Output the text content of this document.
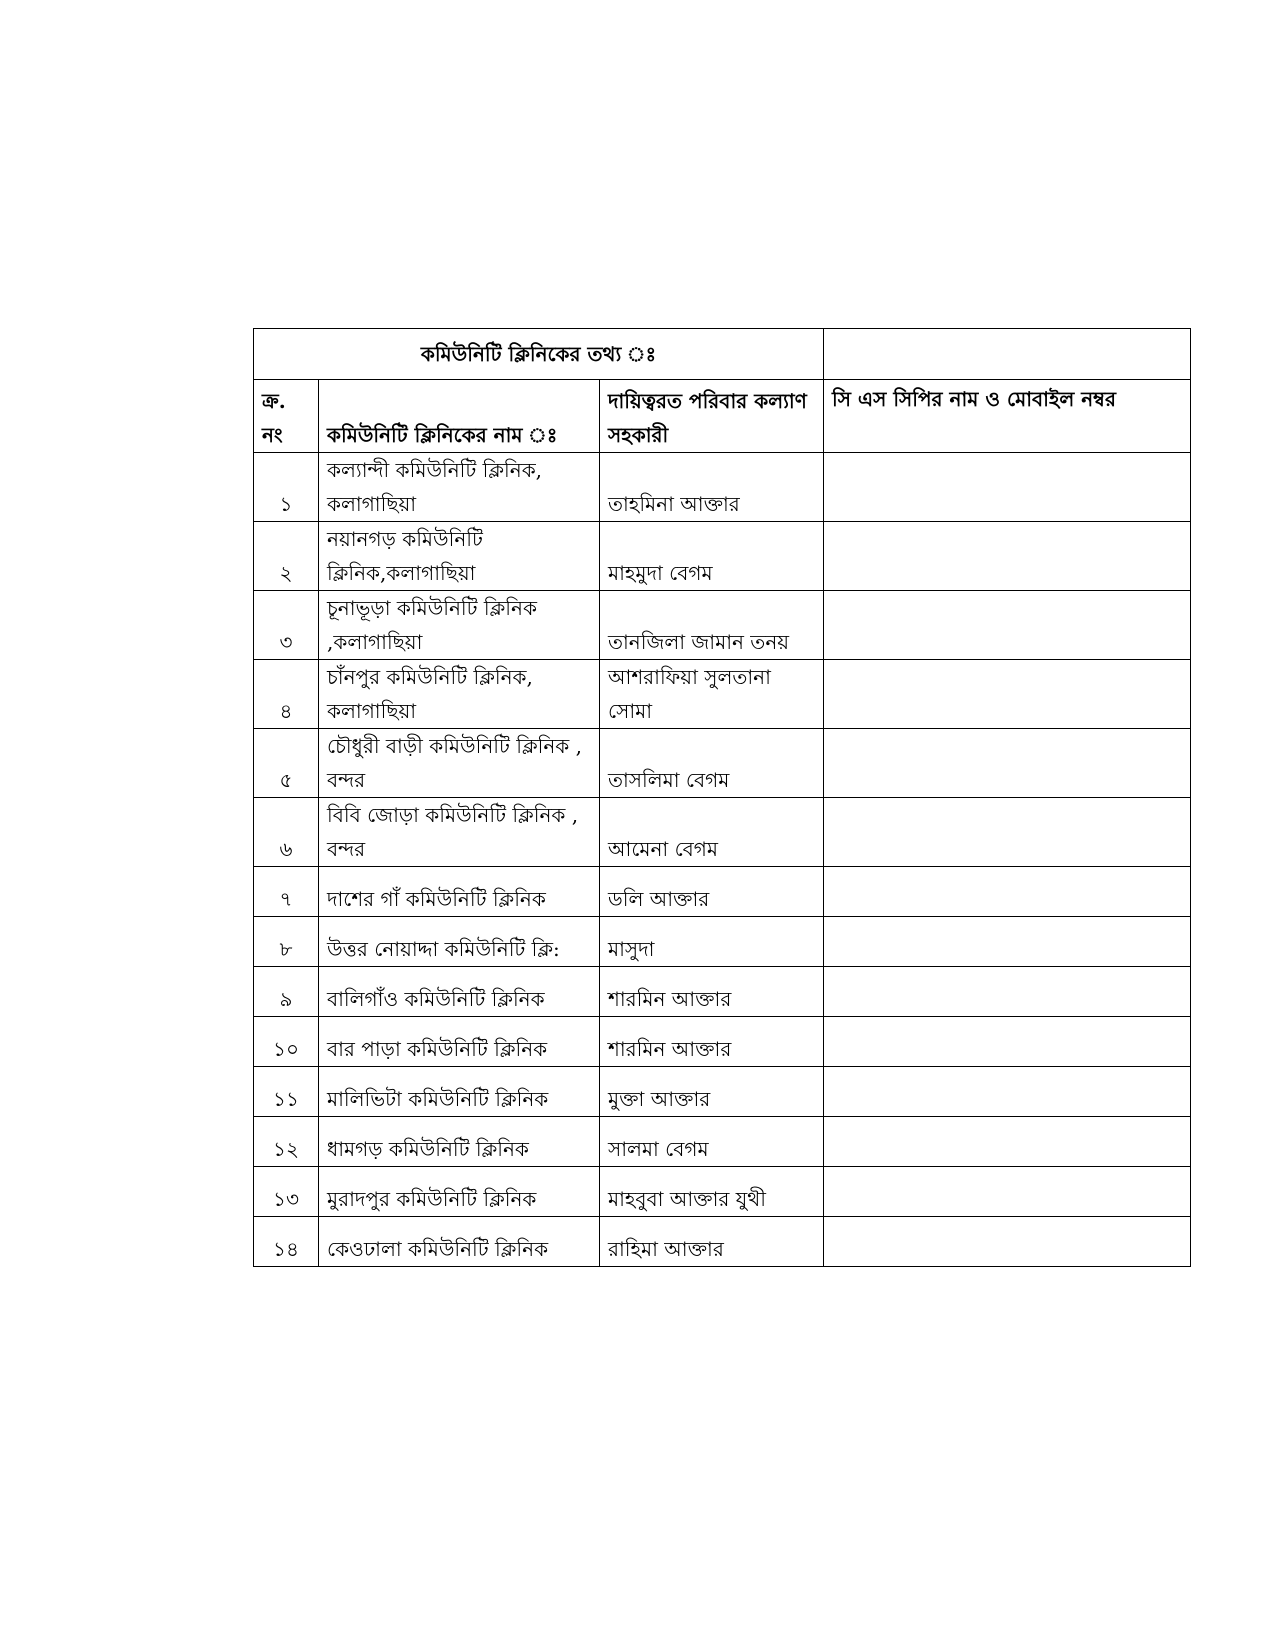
কমিউনিটি ক্লিনিকের তথ্য ঃ			
ক্র. নং	কমিউনিটি ক্লিনিকের নাম ঃ	দায়িত্বরত পরিবার কল্যাণ সহকারী	সি এস সিপির নাম ও মোবাইল নম্বর
১	কল্যান্দী কমিউনিটি ক্লিনিক, কলাগাছিয়া	তাহমিনা আক্তার	
২	নয়ানগড় কমিউনিটি ক্লিনিক,কলাগাছিয়া	মাহমুদা বেগম	
৩	চূনাভূড়া কমিউনিটি ক্লিনিক ,কলাগাছিয়া	তানজিলা জামান তনয়	
৪	চাঁনপুর কমিউনিটি ক্লিনিক, কলাগাছিয়া	আশরাফিয়া সুলতানা সোমা	
৫	চৌধুরী বাড়ী কমিউনিটি ক্লিনিক , বন্দর	তাসলিমা বেগম	
৬	বিবি জোড়া কমিউনিটি ক্লিনিক , বন্দর	আমেনা বেগম	
৭	দাশের গাঁ কমিউনিটি ক্লিনিক	ডলি আক্তার	
৮	উত্তর নোয়াদ্দা কমিউনিটি ক্লি:	মাসুদা	
৯	বালিগাঁও কমিউনিটি ক্লিনিক	শারমিন আক্তার	
১০	বার পাড়া কমিউনিটি ক্লিনিক	শারমিন আক্তার	
১১	মালিভিটা কমিউনিটি ক্লিনিক	মুক্তা আক্তার	
১২	ধামগড় কমিউনিটি ক্লিনিক	সালমা বেগম	
১৩	মুরাদপুর কমিউনিটি ক্লিনিক	মাহবুবা আক্তার যুথী	
১৪	কেওঢালা কমিউনিটি ক্লিনিক	রাহিমা আক্তার	
